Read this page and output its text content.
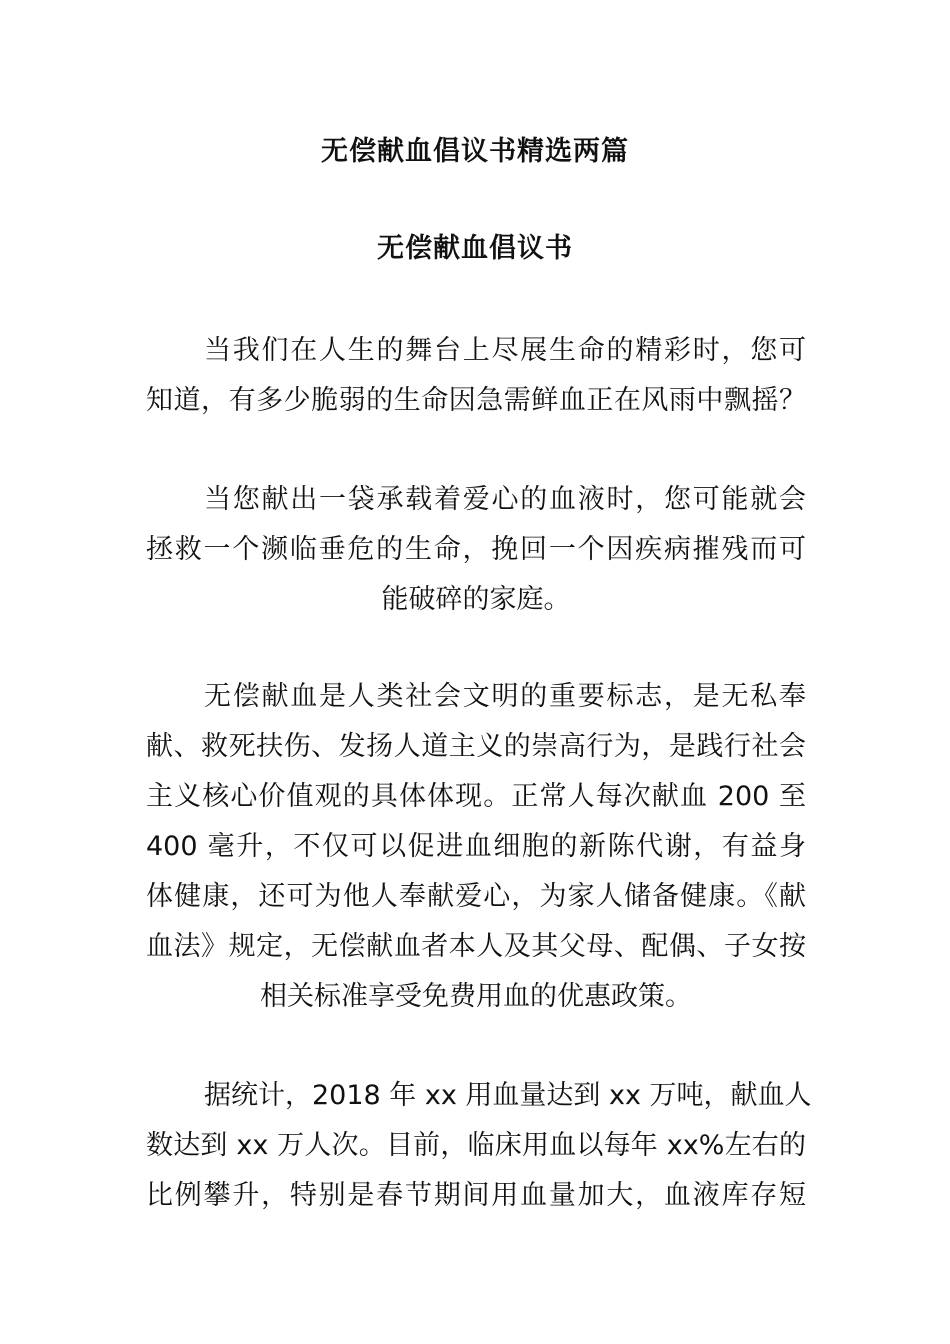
无偿献血倡议书精选两篇
无偿献血倡议书
当我们在人生的舞台上尽展生命的精彩时，您可
知道，有多少脆弱的生命因急需鲜血正在风雨中飘摇？
当您献出一袋承载着爱心的血液时，您可能就会
拯救一个濒临垂危的生命，挽回一个因疾病摧残而可
能破碎的家庭。
无偿献血是人类社会文明的重要标志，是无私奉
献、救死扶伤、发扬人道主义的崇高行为，是践行社会
主义核心价值观的具体体现。正常人每次献血 200 至
400 毫升，不仅可以促进血细胞的新陈代谢，有益身
体健康，还可为他人奉献爱心，为家人储备健康。《献
血法》规定，无偿献血者本人及其父母、配偶、子女按
相关标准享受免费用血的优惠政策。
据统计，2018 年 xx 用血量达到 xx 万吨，献血人
数达到 xx 万人次。目前，临床用血以每年 xx%左右的
比例攀升，特别是春节期间用血量加大，血液库存短
